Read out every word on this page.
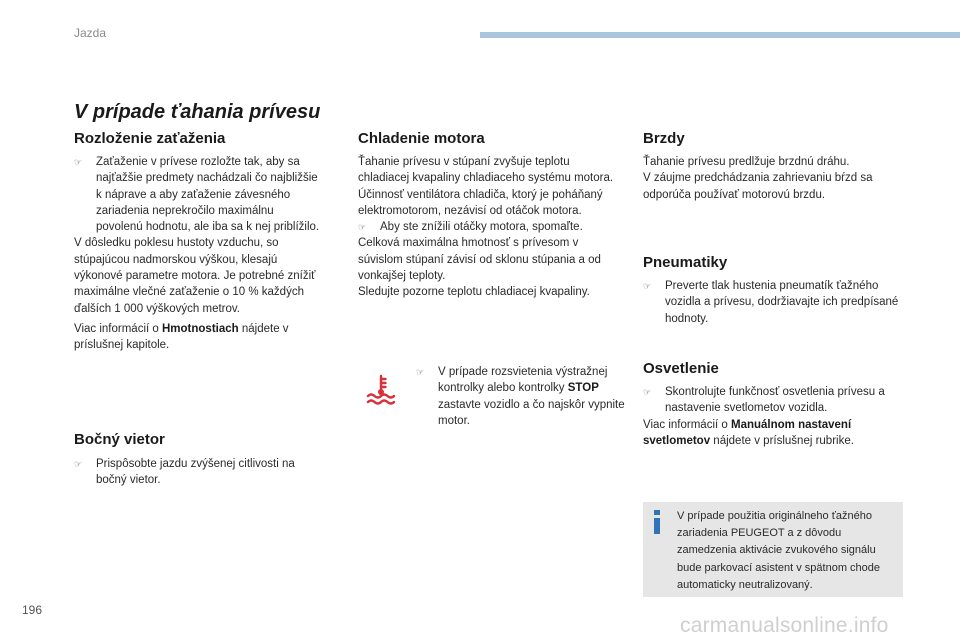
Jazda
V prípade ťahania prívesu
Rozloženie zaťaženia
☞ Zaťaženie v prívese rozložte tak, aby sa najťažšie predmety nachádzali čo najbližšie k náprave a aby zaťaženie závesného zariadenia neprekročilo maximálnu povolenú hodnotu, ale iba sa k nej priblížilo.

V dôsledku poklesu hustoty vzduchu, so stúpajúcou nadmorskou výškou, klesajú výkonové parametre motora. Je potrebné znížiť maximálne vlečné zaťaženie o 10 % každých ďalších 1 000 výškových metrov.

Viac informácií o Hmotnostiach nájdete v príslušnej kapitole.

Bočný vietor
☞ Prispôsobte jazdu zvýšenej citlivosti na bočný vietor.
Chladenie motora

Ťahanie prívesu v stúpaní zvyšuje teplotu chladiacej kvapaliny chladiaceho systému motora.

Účinnosť ventilátora chladiča, ktorý je poháňaný elektromotorom, nezávisí od otáčok motora.

☞ Aby ste znížili otáčky motora, spomaľte.

Celková maximálna hmotnosť s prívesom v súvislom stúpaní závisí od sklonu stúpania a od vonkajšej teploty.

Sledujte pozorne teplotu chladiacej kvapaliny.

☞ V prípade rozsvietenia výstražnej kontrolky alebo kontrolky STOP zastavte vozidlo a čo najskôr vypnite motor.
Brzdy

Ťahanie prívesu predlžuje brzdnú dráhu.

V záujme predchádzania zahrievaniu bŕzd sa odporúča používať motorovú brzdu.

Pneumatiky
☞ Preverte tlak hustenia pneumatík ťažného vozidla a prívesu, dodržiavajte ich predpísané hodnoty.
Osvetlenie
☞ Skontrolujte funkčnosť osvetlenia prívesu a nastavenie svetlometov vozidla.

Viac informácií o Manuálnom nastavení svetlometov nájdete v príslušnej rubrike.

V prípade použitia originálneho ťažného zariadenia PEUGEOT a z dôvodu zamedzenia aktivácie zvukového signálu bude parkovací asistent v spätnom chode automaticky neutralizovaný.
196
carmanualsonline.info
